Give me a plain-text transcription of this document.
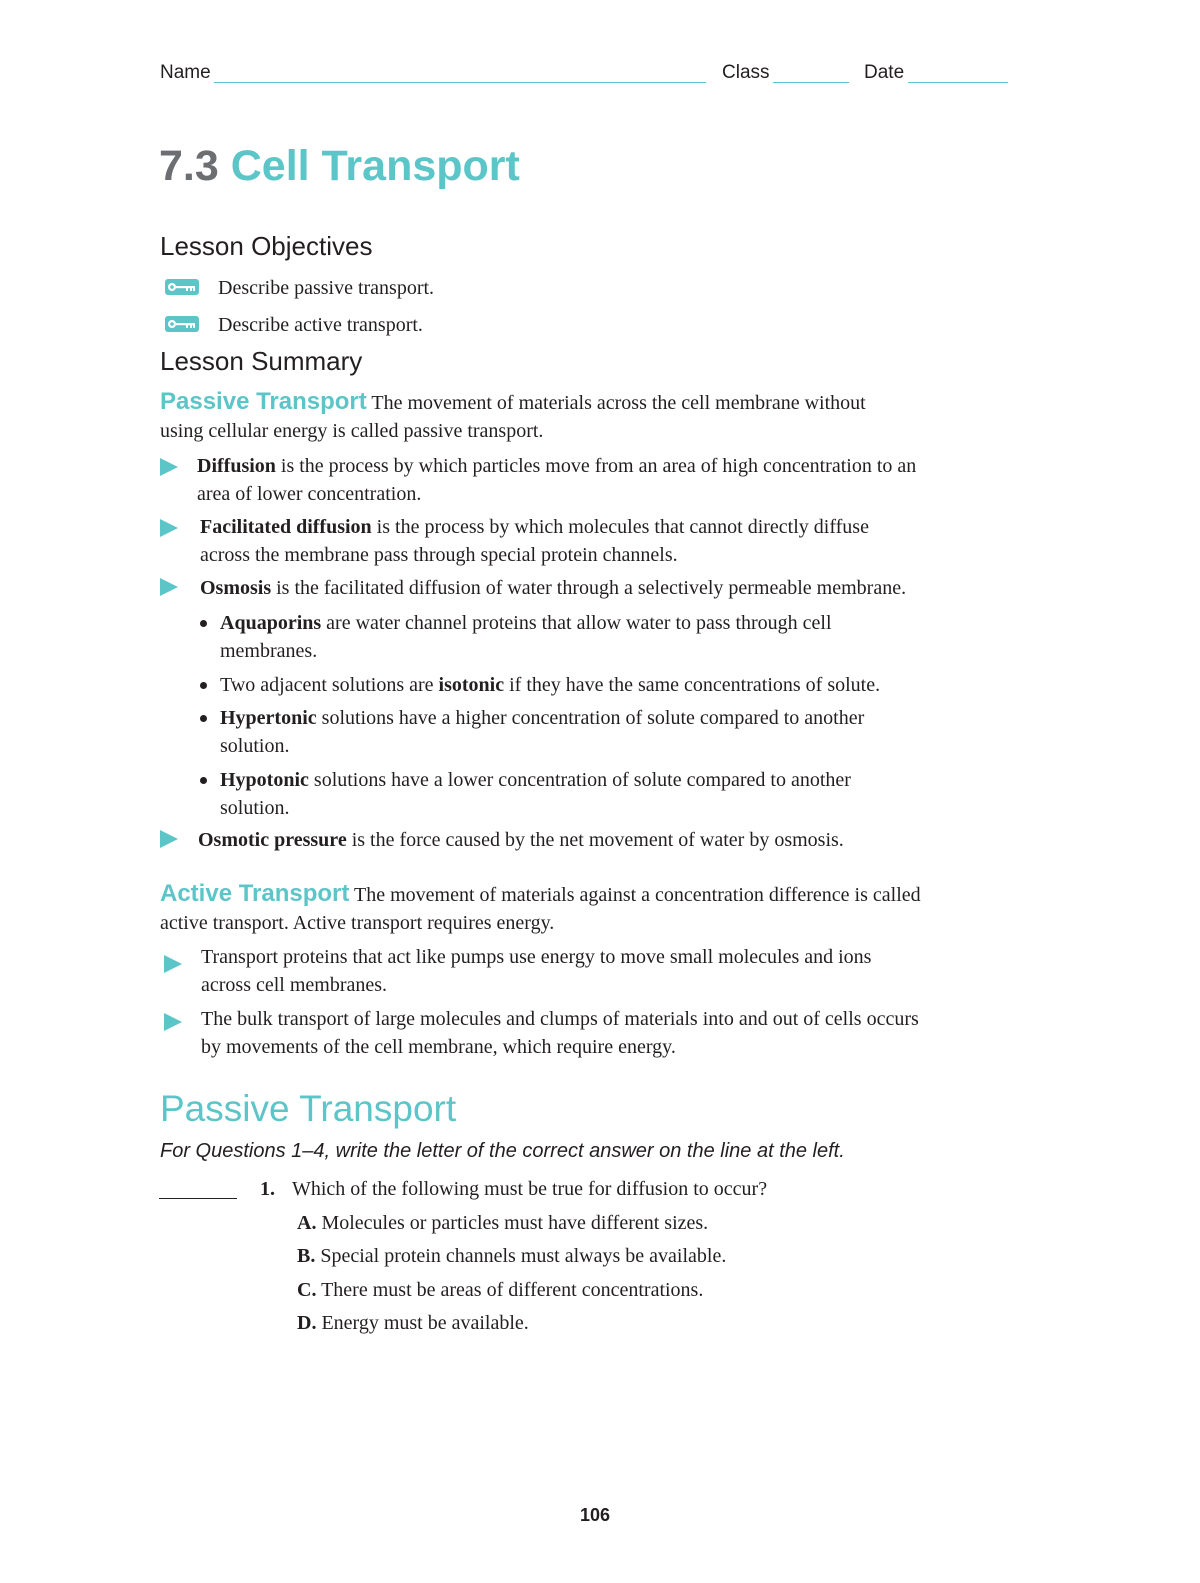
Name	Class	Date
7.3 Cell Transport
Lesson Objectives
Describe passive transport.
Describe active transport.
Lesson Summary
Passive Transport The movement of materials across the cell membrane without
using cellular energy is called passive transport.
Diffusion is the process by which particles move from an area of high concentration to an
area of lower concentration.
Facilitated diffusion is the process by which molecules that cannot directly diffuse
across the membrane pass through special protein channels.
Osmosis is the facilitated diffusion of water through a selectively permeable membrane.
Aquaporins are water channel proteins that allow water to pass through cell
membranes.
Two adjacent solutions are isotonic if they have the same concentrations of solute.
Hypertonic solutions have a higher concentration of solute compared to another
solution.
Hypotonic solutions have a lower concentration of solute compared to another
solution.
Osmotic pressure is the force caused by the net movement of water by osmosis.
Active Transport The movement of materials against a concentration difference is called
active transport. Active transport requires energy.
Transport proteins that act like pumps use energy to move small molecules and ions
across cell membranes.
The bulk transport of large molecules and clumps of materials into and out of cells occurs
by movements of the cell membrane, which require energy.
Passive Transport
For Questions 1–4, write the letter of the correct answer on the line at the left.
1. Which of the following must be true for diffusion to occur?
A. Molecules or particles must have different sizes.
B. Special protein channels must always be available.
C. There must be areas of different concentrations.
D. Energy must be available.
106
